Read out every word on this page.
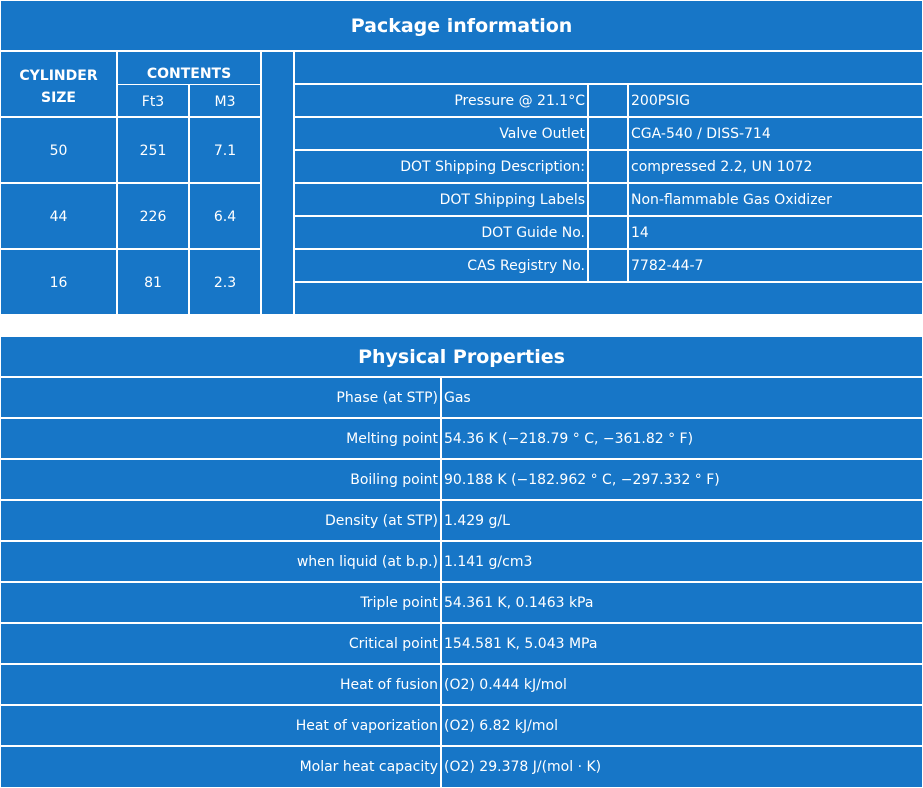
Package information
CYLINDER
SIZE
CONTENTS
Ft3	M3
50	251	7.1
44	226	6.4
16	81	2.3
Pressure @ 21.1°C	200PSIG
Valve Outlet	CGA-540 / DISS-714
DOT Shipping Description:	compressed 2.2, UN 1072
DOT Shipping Labels	Non-flammable Gas Oxidizer
DOT Guide No.	14
CAS Registry No.	7782-44-7
Physical Properties
Phase (at STP) Gas
Melting point 54.36 K (−218.79 ° C, −361.82 ° F)
Boiling point 90.188 K (−182.962 ° C, −297.332 ° F)
Density (at STP) 1.429 g/L
when liquid (at b.p.) 1.141 g/cm3
Triple point 54.361 K, 0.1463 kPa
Critical point 154.581 K, 5.043 MPa
Heat of fusion (O2) 0.444 kJ/mol
Heat of vaporization (O2) 6.82 kJ/mol
Molar heat capacity (O2) 29.378 J/(mol · K)
